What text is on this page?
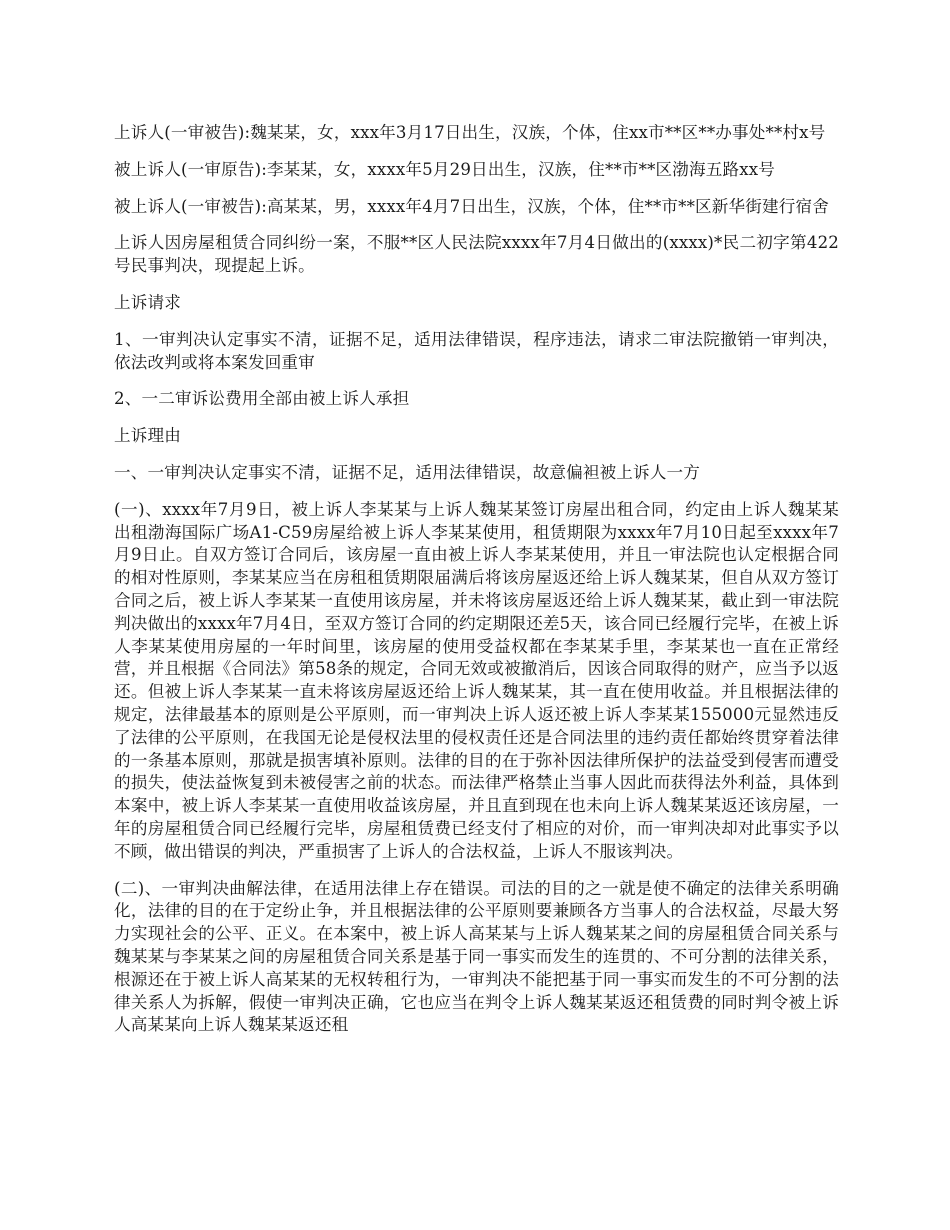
上诉人(一审被告):魏某某，女，xxx年3月17日出生，汉族，个体，住xx市**区**办事处**村x号

被上诉人(一审原告):李某某，女，xxxx年5月29日出生，汉族，住**市**区渤海五路xx号

被上诉人(一审被告):高某某，男，xxxx年4月7日出生，汉族，个体，住**市**区新华街建行宿舍

上诉人因房屋租赁合同纠纷一案，不服**区人民法院xxxx年7月4日做出的(xxxx)*民二初字第422号民事判决，现提起上诉。

上诉请求

1、一审判决认定事实不清，证据不足，适用法律错误，程序违法，请求二审法院撤销一审判决，依法改判或将本案发回重审

2、一二审诉讼费用全部由被上诉人承担

上诉理由

一、一审判决认定事实不清，证据不足，适用法律错误，故意偏袒被上诉人一方

(一)、xxxx年7月9日，被上诉人李某某与上诉人魏某某签订房屋出租合同，约定由上诉人魏某某出租渤海国际广场A1-C59房屋给被上诉人李某某使用，租赁期限为xxxx年7月10日起至xxxx年7月9日止。自双方签订合同后，该房屋一直由被上诉人李某某使用，并且一审法院也认定根据合同的相对性原则，李某某应当在房租租赁期限届满后将该房屋返还给上诉人魏某某，但自从双方签订合同之后，被上诉人李某某一直使用该房屋，并未将该房屋返还给上诉人魏某某，截止到一审法院判决做出的xxxx年7月4日，至双方签订合同的约定期限还差5天，该合同已经履行完毕，在被上诉人李某某使用房屋的一年时间里，该房屋的使用受益权都在李某某手里，李某某也一直在正常经营，并且根据《合同法》第58条的规定，合同无效或被撤消后，因该合同取得的财产，应当予以返还。但被上诉人李某某一直未将该房屋返还给上诉人魏某某，其一直在使用收益。并且根据法律的规定，法律最基本的原则是公平原则，而一审判决上诉人返还被上诉人李某某155000元显然违反了法律的公平原则，在我国无论是侵权法里的侵权责任还是合同法里的违约责任都始终贯穿着法律的一条基本原则，那就是损害填补原则。法律的目的在于弥补因法律所保护的法益受到侵害而遭受的损失，使法益恢复到未被侵害之前的状态。而法律严格禁止当事人因此而获得法外利益，具体到本案中，被上诉人李某某一直使用收益该房屋，并且直到现在也未向上诉人魏某某返还该房屋，一年的房屋租赁合同已经履行完毕，房屋租赁费已经支付了相应的对价，而一审判决却对此事实予以不顾，做出错误的判决，严重损害了上诉人的合法权益，上诉人不服该判决。

(二)、一审判决曲解法律，在适用法律上存在错误。司法的目的之一就是使不确定的法律关系明确化，法律的目的在于定纷止争，并且根据法律的公平原则要兼顾各方当事人的合法权益，尽最大努力实现社会的公平、正义。在本案中，被上诉人高某某与上诉人魏某某之间的房屋租赁合同关系与魏某某与李某某之间的房屋租赁合同关系是基于同一事实而发生的连贯的、不可分割的法律关系，根源还在于被上诉人高某某的无权转租行为，一审判决不能把基于同一事实而发生的不可分割的法律关系人为拆解，假使一审判决正确，它也应当在判令上诉人魏某某返还租赁费的同时判令被上诉人高某某向上诉人魏某某返还租
